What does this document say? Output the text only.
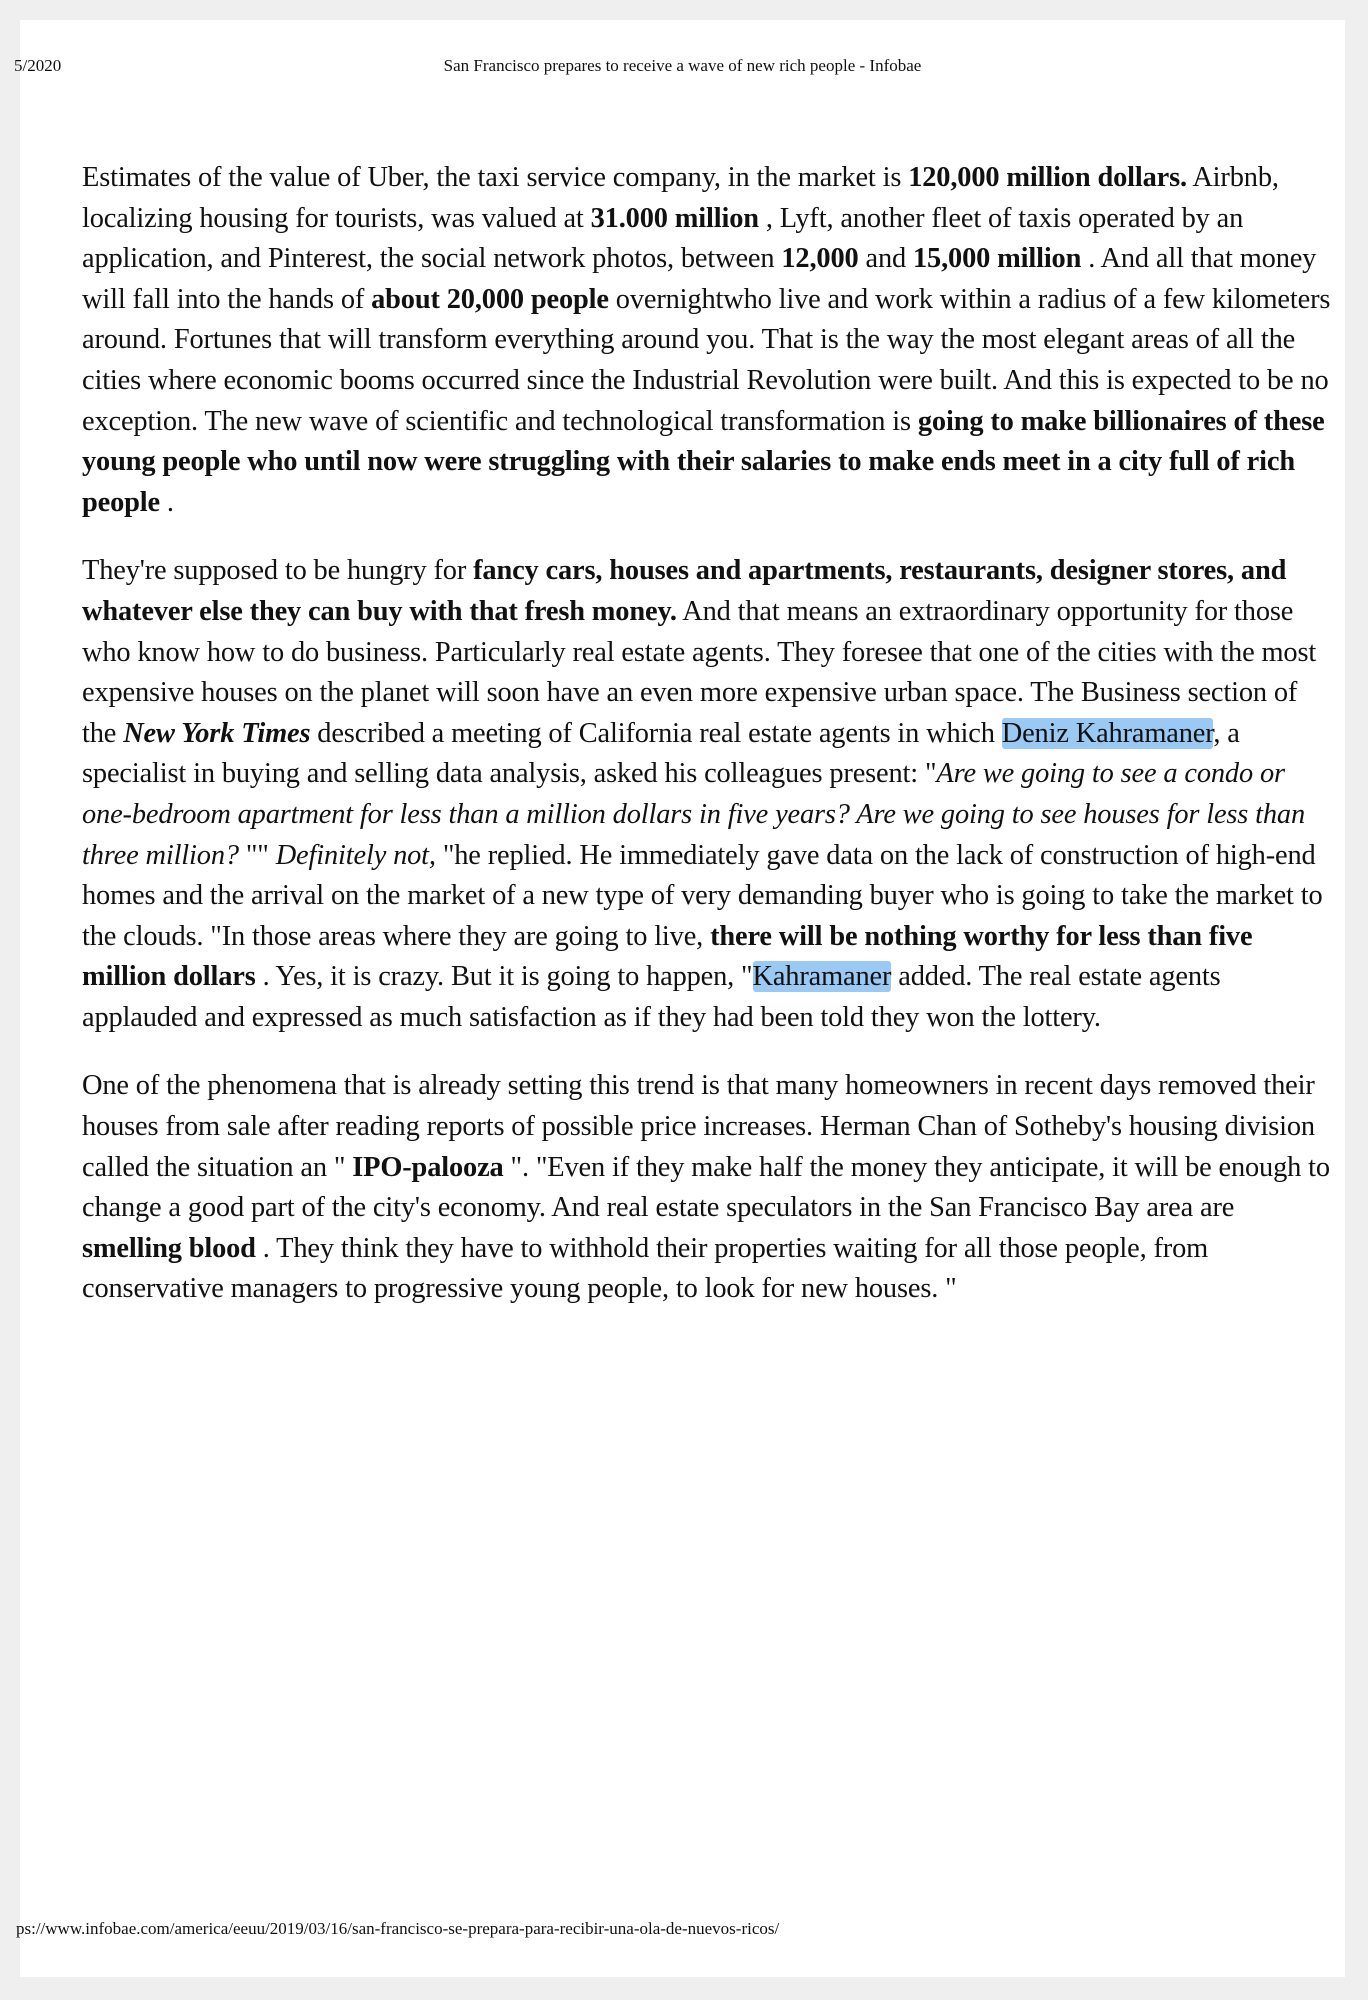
5/2020	San Francisco prepares to receive a wave of new rich people - Infobae

Estimates of the value of Uber, the taxi service company, in the market is 120,000 million dollars. Airbnb, localizing housing for tourists, was valued at 31.000 million , Lyft, another fleet of taxis operated by an application, and Pinterest, the social network photos, between 12,000 and 15,000 million . And all that money will fall into the hands of about 20,000 people overnightwho live and work within a radius of a few kilometers around. Fortunes that will transform everything around you. That is the way the most elegant areas of all the cities where economic booms occurred since the Industrial Revolution were built. And this is expected to be no exception. The new wave of scientific and technological transformation is going to make billionaires of these young people who until now were struggling with their salaries to make ends meet in a city full of rich people .

They're supposed to be hungry for fancy cars, houses and apartments, restaurants, designer stores, and whatever else they can buy with that fresh money. And that means an extraordinary opportunity for those who know how to do business. Particularly real estate agents. They foresee that one of the cities with the most expensive houses on the planet will soon have an even more expensive urban space. The Business section of the New York Times described a meeting of California real estate agents in which Deniz Kahramaner, a specialist in buying and selling data analysis, asked his colleagues present: "Are we going to see a condo or one-bedroom apartment for less than a million dollars in five years? Are we going to see houses for less than three million? "" Definitely not, "he replied. He immediately gave data on the lack of construction of high-end homes and the arrival on the market of a new type of very demanding buyer who is going to take the market to the clouds. "In those areas where they are going to live, there will be nothing worthy for less than five million dollars . Yes, it is crazy. But it is going to happen, "Kahramaner added. The real estate agents applauded and expressed as much satisfaction as if they had been told they won the lottery.

One of the phenomena that is already setting this trend is that many homeowners in recent days removed their houses from sale after reading reports of possible price increases. Herman Chan of Sotheby's housing division called the situation an " IPO-palooza ". "Even if they make half the money they anticipate, it will be enough to change a good part of the city's economy. And real estate speculators in the San Francisco Bay area are smelling blood . They think they have to withhold their properties waiting for all those people, from conservative managers to progressive young people, to look for new houses. "

ps://www.infobae.com/america/eeuu/2019/03/16/san-francisco-se-prepara-para-recibir-una-ola-de-nuevos-ricos/
